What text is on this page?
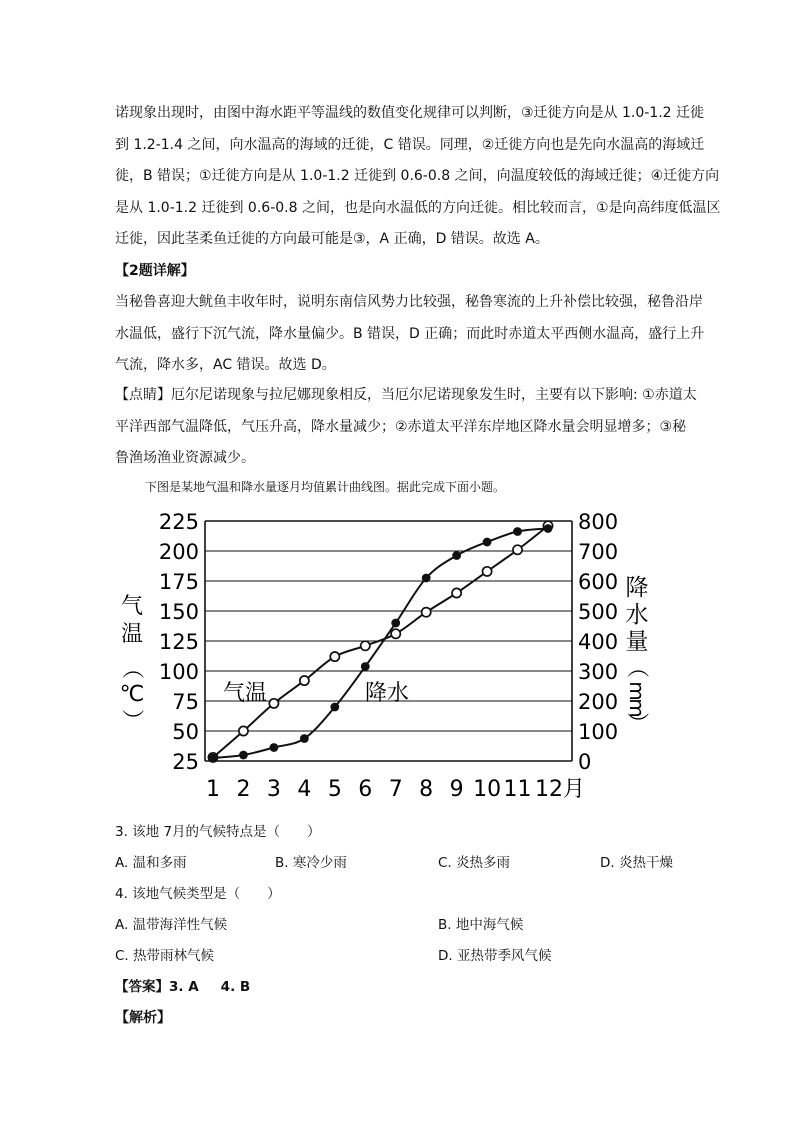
诺现象出现时，由图中海水距平等温线的数值变化规律可以判断，③迁徙方向是从 1.0-1.2 迁徙
到 1.2-1.4 之间，向水温高的海域的迁徙，C 错误。同理，②迁徙方向也是先向水温高的海域迁
徙，B 错误；①迁徙方向是从 1.0-1.2 迁徙到 0.6-0.8 之间，向温度较低的海域迁徙；④迁徙方向
是从 1.0-1.2 迁徙到 0.6-0.8 之间，也是向水温低的方向迁徙。相比较而言，①是向高纬度低温区
迁徙，因此茎柔鱼迁徙的方向最可能是③，A 正确，D 错误。故选 A。

【2题详解】

当秘鲁喜迎大鱿鱼丰收年时，说明东南信风势力比较强，秘鲁寒流的上升补偿比较强，秘鲁沿岸
水温低，盛行下沉气流，降水量偏少。B 错误，D 正确；而此时赤道太平西侧水温高，盛行上升
气流，降水多，AC 错误。故选 D。

【点睛】厄尔尼诺现象与拉尼娜现象相反，当厄尔尼诺现象发生时，主要有以下影响: ①赤道太
平洋西部气温降低，气压升高，降水量减少；②赤道太平洋东岸地区降水量会明显增多；③秘
鲁渔场渔业资源减少。

下图是某地气温和降水量逐月均值累计曲线图。据此完成下面小题。

225
200
175
150
125
100
75
50
25
800
700
600
500
400
300
200
100
0
1 2 3 4 5 6 7 8 9 10 11 12月
气
温
（
℃
）
降
水
量
（
m
m
）
气温	降水

3. 该地 7月的气候特点是（　　）

A. 温和多雨	B. 寒冷少雨	C. 炎热多雨	D. 炎热干燥

4. 该地气候类型是（　　）

A. 温带海洋性气候	B. 地中海气候

C. 热带雨林气候	D. 亚热带季风气候

【答案】3. A 4. B

【解析】
